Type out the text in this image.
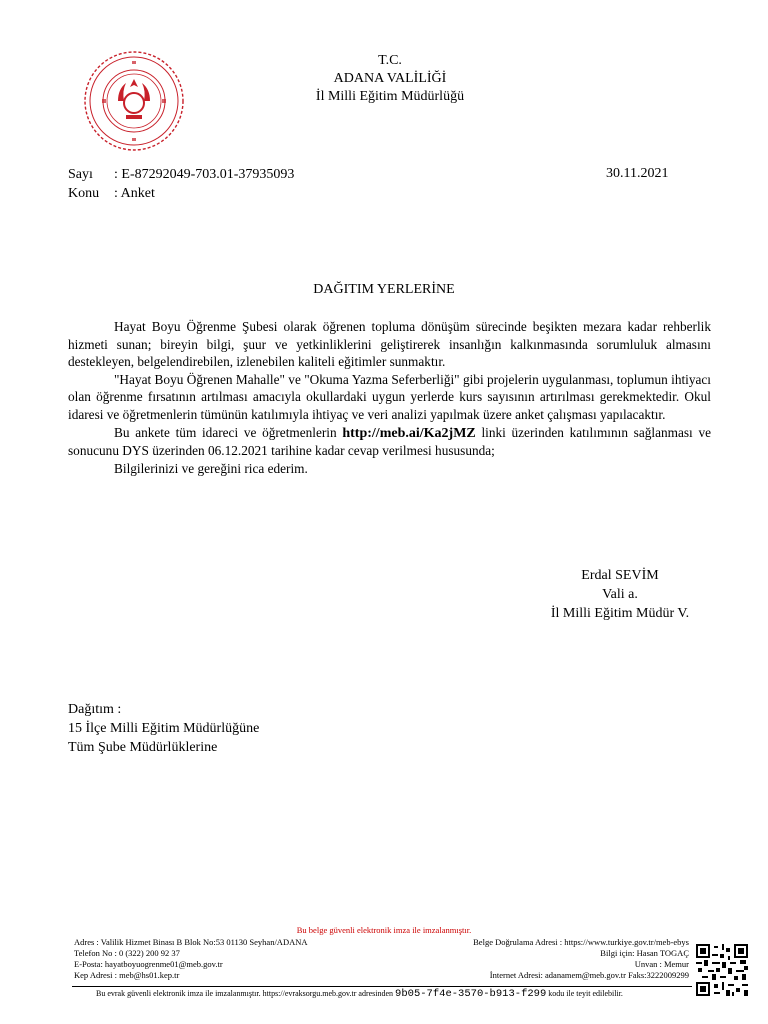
T.C.
ADANA VALİLİĞİ
İl Milli Eğitim Müdürlüğü
Sayı : E-87292049-703.01-37935093
Konu : Anket
30.11.2021
DAĞITIM YERLERİNE

Hayat Boyu Öğrenme Şubesi olarak öğrenen topluma dönüşüm sürecinde beşikten mezara kadar rehberlik hizmeti sunan; bireyin bilgi, şuur ve yetkinliklerini geliştirerek insanlığın kalkınmasında sorumluluk almasını destekleyen, belgelendirebilen, izlenebilen kaliteli eğitimler sunmaktır.

"Hayat Boyu Öğrenen Mahalle" ve "Okuma Yazma Seferberliği" gibi projelerin uygulanması, toplumun ihtiyacı olan öğrenme fırsatının artılması amacıyla okullardaki uygun yerlerde kurs sayısının artırılması gerekmektedir. Okul idaresi ve öğretmenlerin tümünün katılımıyla ihtiyaç ve veri analizi yapılmak üzere anket çalışması yapılacaktır.

Bu ankete tüm idareci ve öğretmenlerin http://meb.ai/Ka2jMZ linki üzerinden katılımının sağlanması ve sonucunu DYS üzerinden 06.12.2021 tarihine kadar cevap verilmesi hususunda;

Bilgilerinizi ve gereğini rica ederim.

Erdal SEVİM
Vali a.
İl Milli Eğitim Müdür V.
Dağıtım :
15 İlçe Milli Eğitim Müdürlüğüne
Tüm Şube Müdürlüklerine
Bu belge güvenli elektronik imza ile imzalanmıştır.
Adres : Valilik Hizmet Binası B Blok No:53 01130 Seyhan/ADANA
Telefon No : 0 (322) 200 92 37
E-Posta: hayatboyuogrenme01@meb.gov.tr
Kep Adresi : meb@hs01.kep.tr
Belge Doğrulama Adresi : https://www.turkiye.gov.tr/meb-ebys
Bilgi için: Hasan TOGAÇ
Unvan : Memur
İnternet Adresi: adanamem@meb.gov.tr Faks:3222009299
Bu evrak güvenli elektronik imza ile imzalanmıştır. https://evraksorgu.meb.gov.tr adresinden 9b05-7f4e-3570-b913-f299 kodu ile teyit edilebilir.
